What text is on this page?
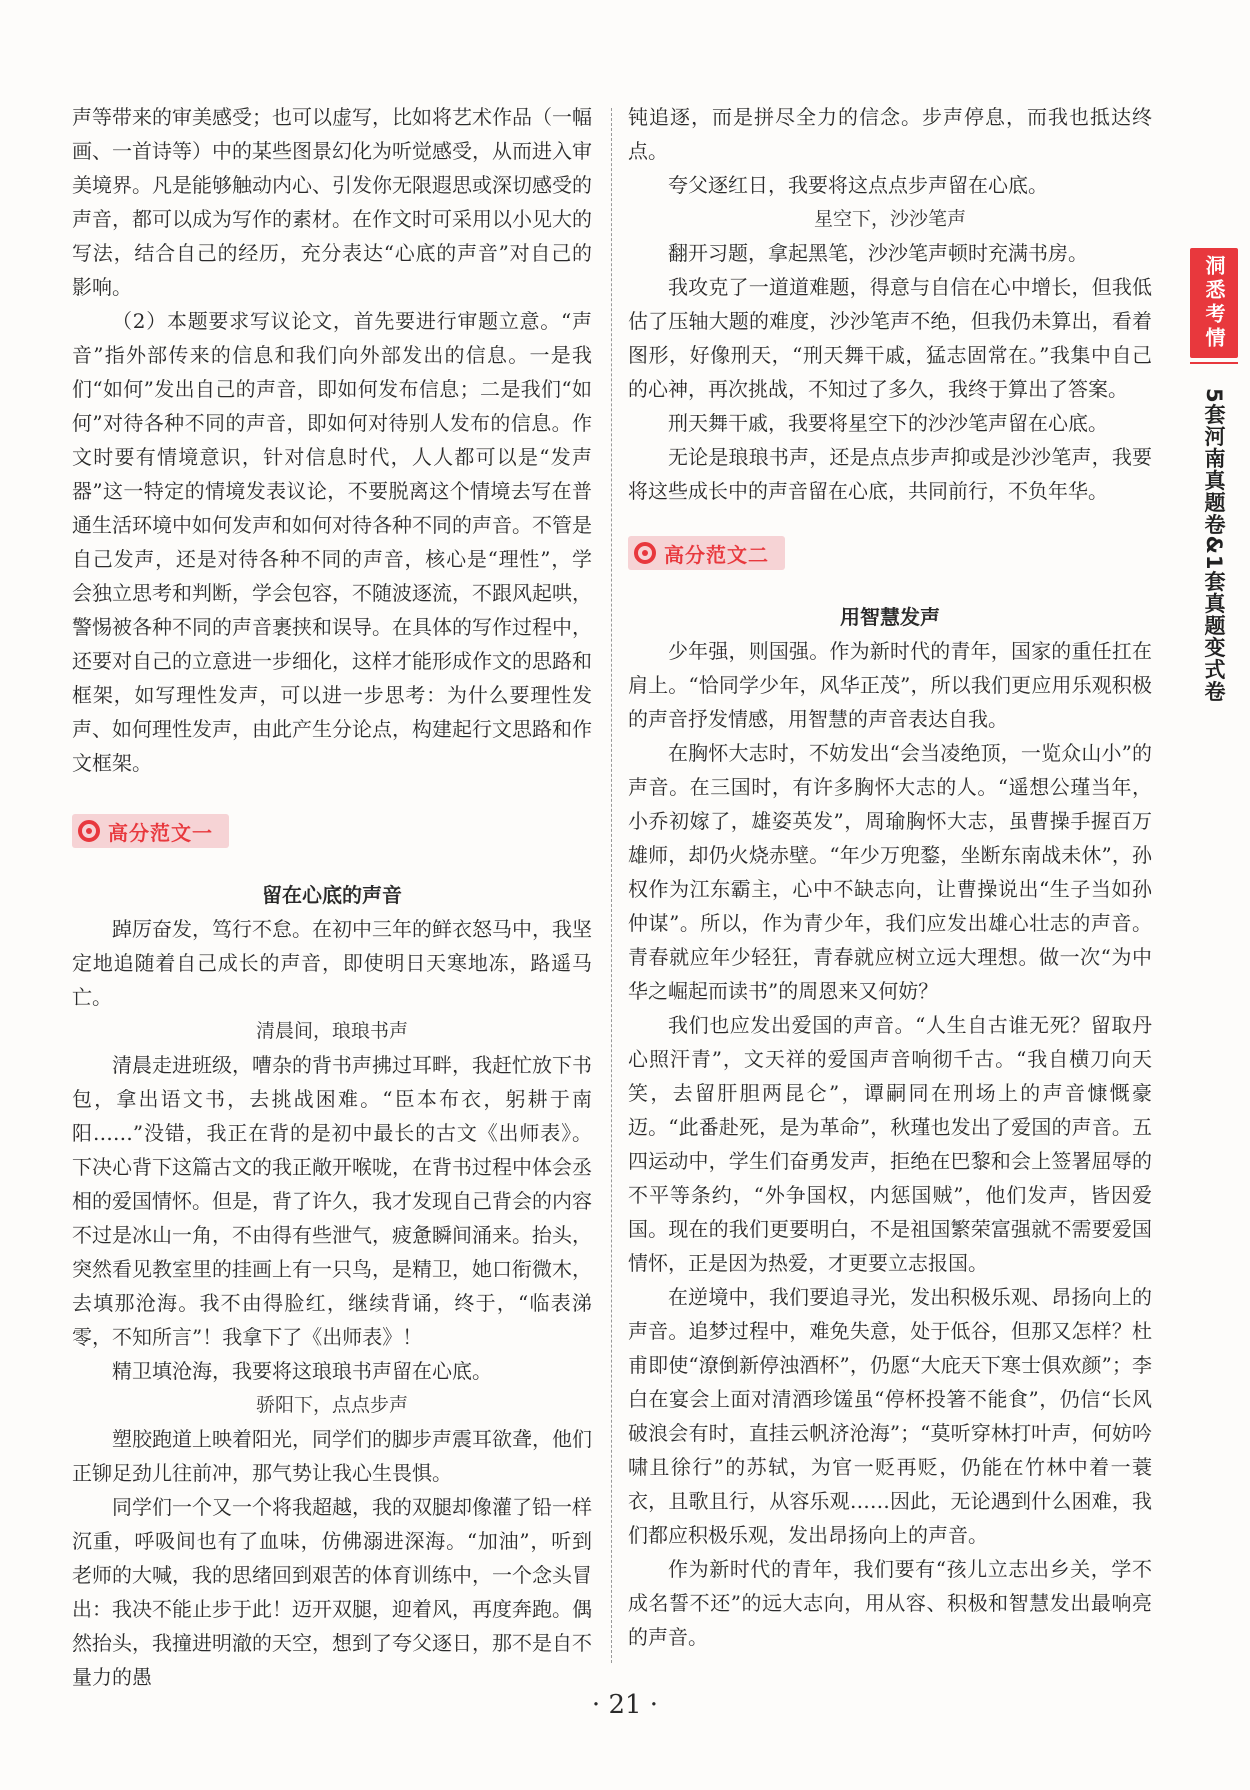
洞悉考情
5套河南真题卷&1套真题变式卷

声等带来的审美感受；也可以虚写，比如将艺术作品（一幅画、一首诗等）中的某些图景幻化为听觉感受，从而进入审美境界。凡是能够触动内心、引发你无限遐思或深切感受的声音，都可以成为写作的素材。在作文时可采用以小见大的写法，结合自己的经历，充分表达“心底的声音”对自己的影响。

（2）本题要求写议论文，首先要进行审题立意。“声音”指外部传来的信息和我们向外部发出的信息。一是我们“如何”发出自己的声音，即如何发布信息；二是我们“如何”对待各种不同的声音，即如何对待别人发布的信息。作文时要有情境意识，针对信息时代，人人都可以是“发声器”这一特定的情境发表议论，不要脱离这个情境去写在普通生活环境中如何发声和如何对待各种不同的声音。不管是自己发声，还是对待各种不同的声音，核心是“理性”，学会独立思考和判断，学会包容，不随波逐流，不跟风起哄，警惕被各种不同的声音裹挟和误导。在具体的写作过程中，还要对自己的立意进一步细化，这样才能形成作文的思路和框架，如写理性发声，可以进一步思考：为什么要理性发声、如何理性发声，由此产生分论点，构建起行文思路和作文框架。

高分范文一

留在心底的声音

踔厉奋发，笃行不怠。在初中三年的鲜衣怒马中，我坚定地追随着自己成长的声音，即使明日天寒地冻，路遥马亡。

清晨间，琅琅书声

清晨走进班级，嘈杂的背书声拂过耳畔，我赶忙放下书包，拿出语文书，去挑战困难。“臣本布衣，躬耕于南阳……”没错，我正在背的是初中最长的古文《出师表》。下决心背下这篇古文的我正敞开喉咙，在背书过程中体会丞相的爱国情怀。但是，背了许久，我才发现自己背会的内容不过是冰山一角，不由得有些泄气，疲惫瞬间涌来。抬头，突然看见教室里的挂画上有一只鸟，是精卫，她口衔微木，去填那沧海。我不由得脸红，继续背诵，终于，“临表涕零，不知所言”！我拿下了《出师表》！

精卫填沧海，我要将这琅琅书声留在心底。

骄阳下，点点步声

塑胶跑道上映着阳光，同学们的脚步声震耳欲聋，他们正铆足劲儿往前冲，那气势让我心生畏惧。

同学们一个又一个将我超越，我的双腿却像灌了铅一样沉重，呼吸间也有了血味，仿佛溺进深海。“加油”，听到老师的大喊，我的思绪回到艰苦的体育训练中，一个念头冒出：我决不能止步于此！迈开双腿，迎着风，再度奔跑。偶然抬头，我撞进明澈的天空，想到了夸父逐日，那不是自不量力的愚

钝追逐，而是拼尽全力的信念。步声停息，而我也抵达终点。

夸父逐红日，我要将这点点步声留在心底。

星空下，沙沙笔声

翻开习题，拿起黑笔，沙沙笔声顿时充满书房。

我攻克了一道道难题，得意与自信在心中增长，但我低估了压轴大题的难度，沙沙笔声不绝，但我仍未算出，看着图形，好像刑天，“刑天舞干戚，猛志固常在。”我集中自己的心神，再次挑战，不知过了多久，我终于算出了答案。

刑天舞干戚，我要将星空下的沙沙笔声留在心底。

无论是琅琅书声，还是点点步声抑或是沙沙笔声，我要将这些成长中的声音留在心底，共同前行，不负年华。

高分范文二

用智慧发声

少年强，则国强。作为新时代的青年，国家的重任扛在肩上。“恰同学少年，风华正茂”，所以我们更应用乐观积极的声音抒发情感，用智慧的声音表达自我。

在胸怀大志时，不妨发出“会当凌绝顶，一览众山小”的声音。在三国时，有许多胸怀大志的人。“遥想公瑾当年，小乔初嫁了，雄姿英发”，周瑜胸怀大志，虽曹操手握百万雄师，却仍火烧赤壁。“年少万兜鍪，坐断东南战未休”，孙权作为江东霸主，心中不缺志向，让曹操说出“生子当如孙仲谋”。所以，作为青少年，我们应发出雄心壮志的声音。青春就应年少轻狂，青春就应树立远大理想。做一次“为中华之崛起而读书”的周恩来又何妨？

我们也应发出爱国的声音。“人生自古谁无死？留取丹心照汗青”，文天祥的爱国声音响彻千古。“我自横刀向天笑，去留肝胆两昆仑”，谭嗣同在刑场上的声音慷慨豪迈。“此番赴死，是为革命”，秋瑾也发出了爱国的声音。五四运动中，学生们奋勇发声，拒绝在巴黎和会上签署屈辱的不平等条约，“外争国权，内惩国贼”，他们发声，皆因爱国。现在的我们更要明白，不是祖国繁荣富强就不需要爱国情怀，正是因为热爱，才更要立志报国。

在逆境中，我们要追寻光，发出积极乐观、昂扬向上的声音。追梦过程中，难免失意，处于低谷，但那又怎样？杜甫即使“潦倒新停浊酒杯”，仍愿“大庇天下寒士俱欢颜”；李白在宴会上面对清酒珍馐虽“停杯投箸不能食”，仍信“长风破浪会有时，直挂云帆济沧海”；“莫听穿林打叶声，何妨吟啸且徐行”的苏轼，为官一贬再贬，仍能在竹林中着一蓑衣，且歌且行，从容乐观……因此，无论遇到什么困难，我们都应积极乐观，发出昂扬向上的声音。

作为新时代的青年，我们要有“孩儿立志出乡关，学不成名誓不还”的远大志向，用从容、积极和智慧发出最响亮的声音。

· 21 ·
